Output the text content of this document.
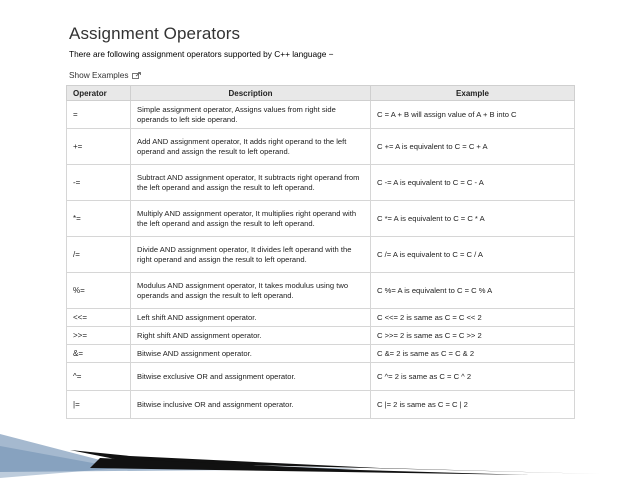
Assignment Operators
There are following assignment operators supported by C++ language −
Show Examples
Operator	Description	Example
=	Simple assignment operator, Assigns values from right side operands to left side operand.	C = A + B will assign value of A + B into C
+=	Add AND assignment operator, It adds right operand to the left operand and assign the result to left operand.	C += A is equivalent to C = C + A
-=	Subtract AND assignment operator, It subtracts right operand from the left operand and assign the result to left operand.	C -= A is equivalent to C = C - A
*=	Multiply AND assignment operator, It multiplies right operand with the left operand and assign the result to left operand.	C *= A is equivalent to C = C * A
/=	Divide AND assignment operator, It divides left operand with the right operand and assign the result to left operand.	C /= A is equivalent to C = C / A
%=	Modulus AND assignment operator, It takes modulus using two operands and assign the result to left operand.	C %= A is equivalent to C = C % A
<<=	Left shift AND assignment operator.	C <<= 2 is same as C = C << 2
>>=	Right shift AND assignment operator.	C >>= 2 is same as C = C >> 2
&=	Bitwise AND assignment operator.	C &= 2 is same as C = C & 2
^=	Bitwise exclusive OR and assignment operator.	C ^= 2 is same as C = C ^ 2
|=	Bitwise inclusive OR and assignment operator.	C |= 2 is same as C = C | 2
